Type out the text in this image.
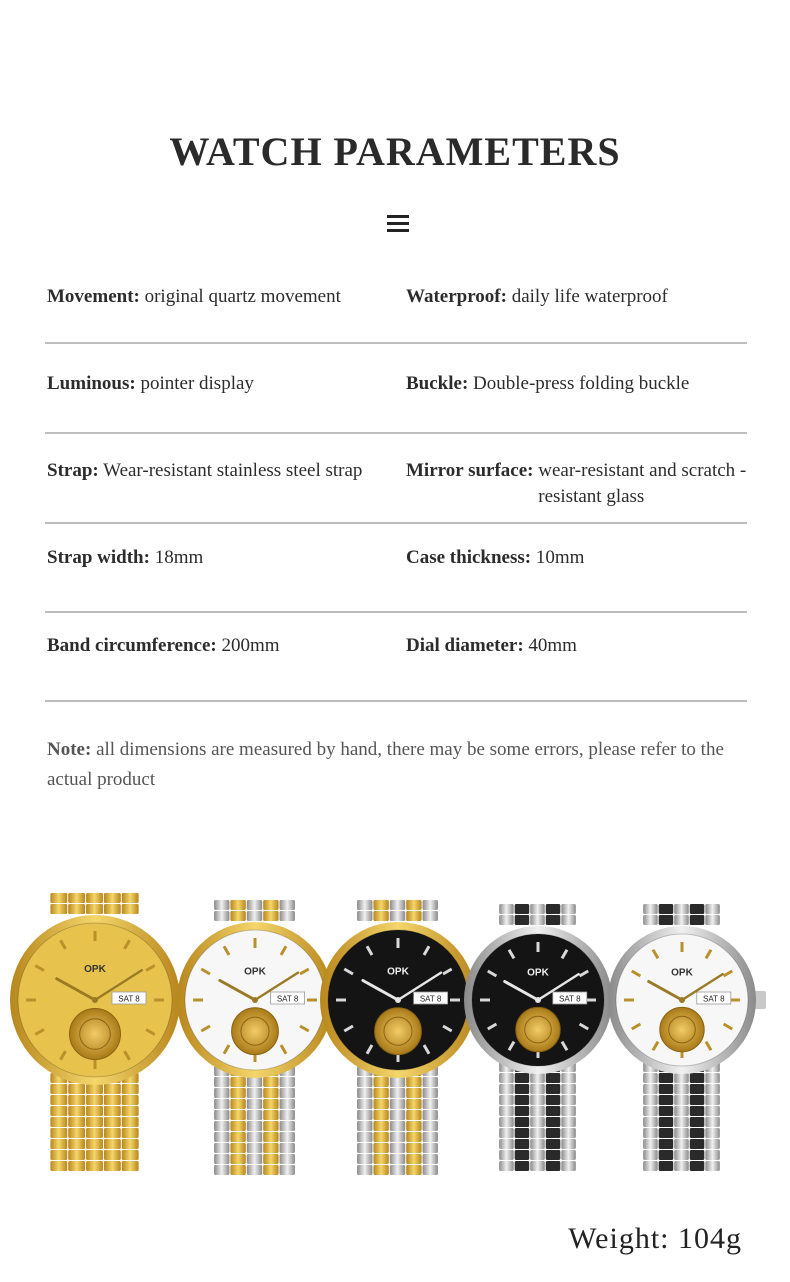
WATCH PARAMETERS
Movement: original quartz movement	Waterproof: daily life waterproof
Luminous: pointer display	Buckle: Double-press folding buckle
Strap: Wear-resistant stainless steel strap	Mirror surface: wear-resistant and scratch -resistant glass
Strap width: 18mm	Case thickness: 10mm
Band circumference: 200mm	Dial diameter: 40mm
Note: all dimensions are measured by hand, there may be some errors, please refer to the actual product
OPK
SAT 8
OPK
SAT 8
OPK
SAT 8
OPK
SAT 8
OPK
SAT 8
Weight: 104g
